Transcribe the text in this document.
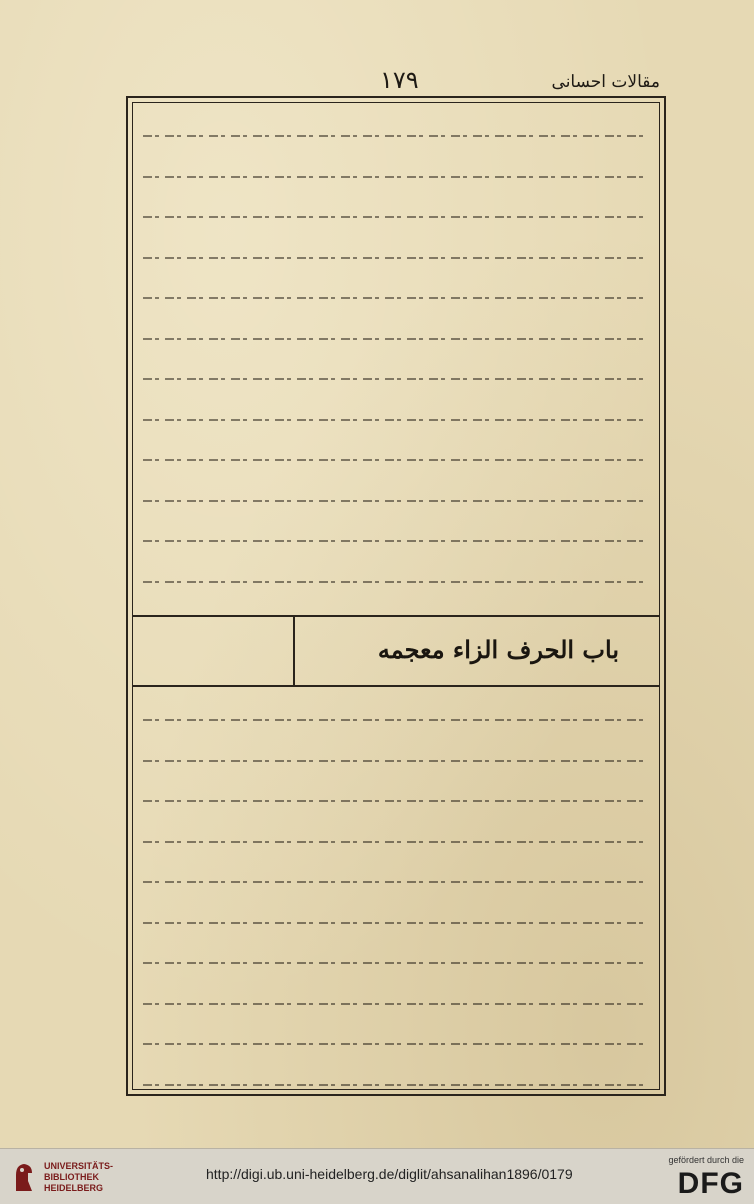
مقالات احسانی
۱۷۹
باب الحرف الزاء معجمه
UNIVERSITÄTS-
BIBLIOTHEK
HEIDELBERG
http://digi.ub.uni-heidelberg.de/diglit/ahsanalihan1896/0179
gefördert durch die
DFG
